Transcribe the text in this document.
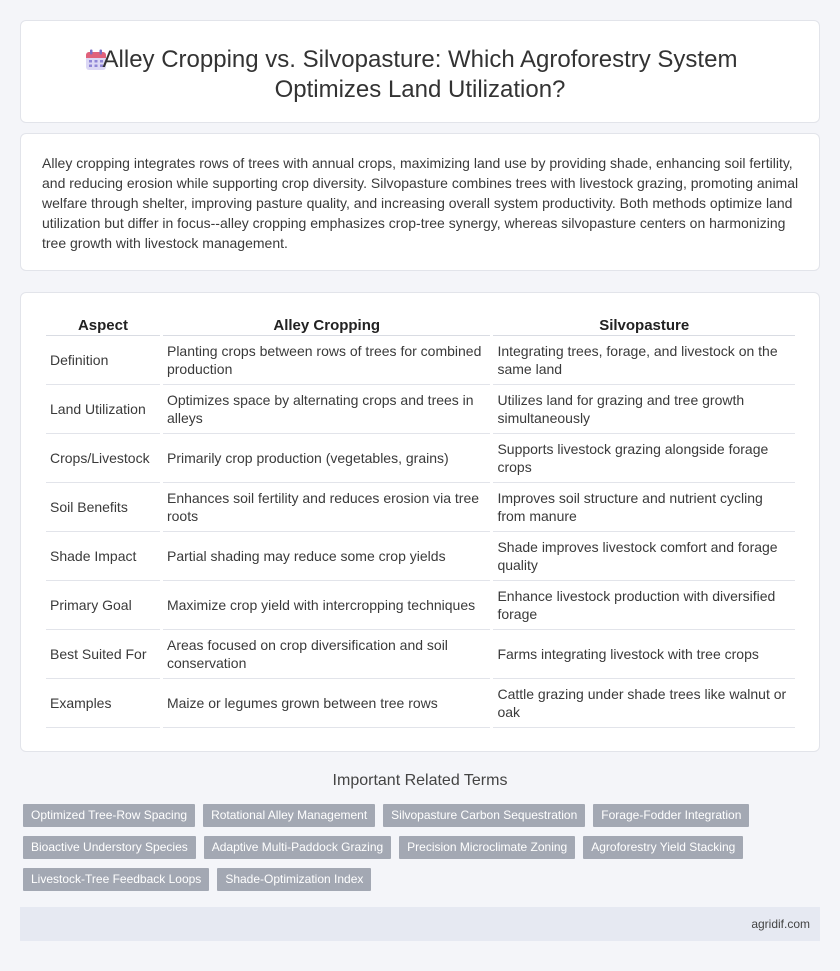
Alley Cropping vs. Silvopasture: Which Agroforestry System
Optimizes Land Utilization?

Alley cropping integrates rows of trees with annual crops, maximizing land use by providing shade, enhancing soil fertility, and reducing erosion while supporting crop diversity. Silvopasture combines trees with livestock grazing, promoting animal welfare through shelter, improving pasture quality, and increasing overall system productivity. Both methods optimize land utilization but differ in focus--alley cropping emphasizes crop-tree synergy, whereas silvopasture centers on harmonizing tree growth with livestock management.

Aspect	Alley Cropping	Silvopasture
Definition	Planting crops between rows of trees for combined production	Integrating trees, forage, and livestock on the same land
Land Utilization	Optimizes space by alternating crops and trees in alleys	Utilizes land for grazing and tree growth simultaneously
Crops/Livestock	Primarily crop production (vegetables, grains)	Supports livestock grazing alongside forage crops
Soil Benefits	Enhances soil fertility and reduces erosion via tree roots	Improves soil structure and nutrient cycling from manure
Shade Impact	Partial shading may reduce some crop yields	Shade improves livestock comfort and forage quality
Primary Goal	Maximize crop yield with intercropping techniques	Enhance livestock production with diversified forage
Best Suited For	Areas focused on crop diversification and soil conservation	Farms integrating livestock with tree crops
Examples	Maize or legumes grown between tree rows	Cattle grazing under shade trees like walnut or oak
Important Related Terms
Optimized Tree-Row Spacing	Rotational Alley Management	Silvopasture Carbon Sequestration	Forage-Fodder Integration
Bioactive Understory Species	Adaptive Multi-Paddock Grazing	Precision Microclimate Zoning	Agroforestry Yield Stacking
Livestock-Tree Feedback Loops	Shade-Optimization Index
agridif.com
